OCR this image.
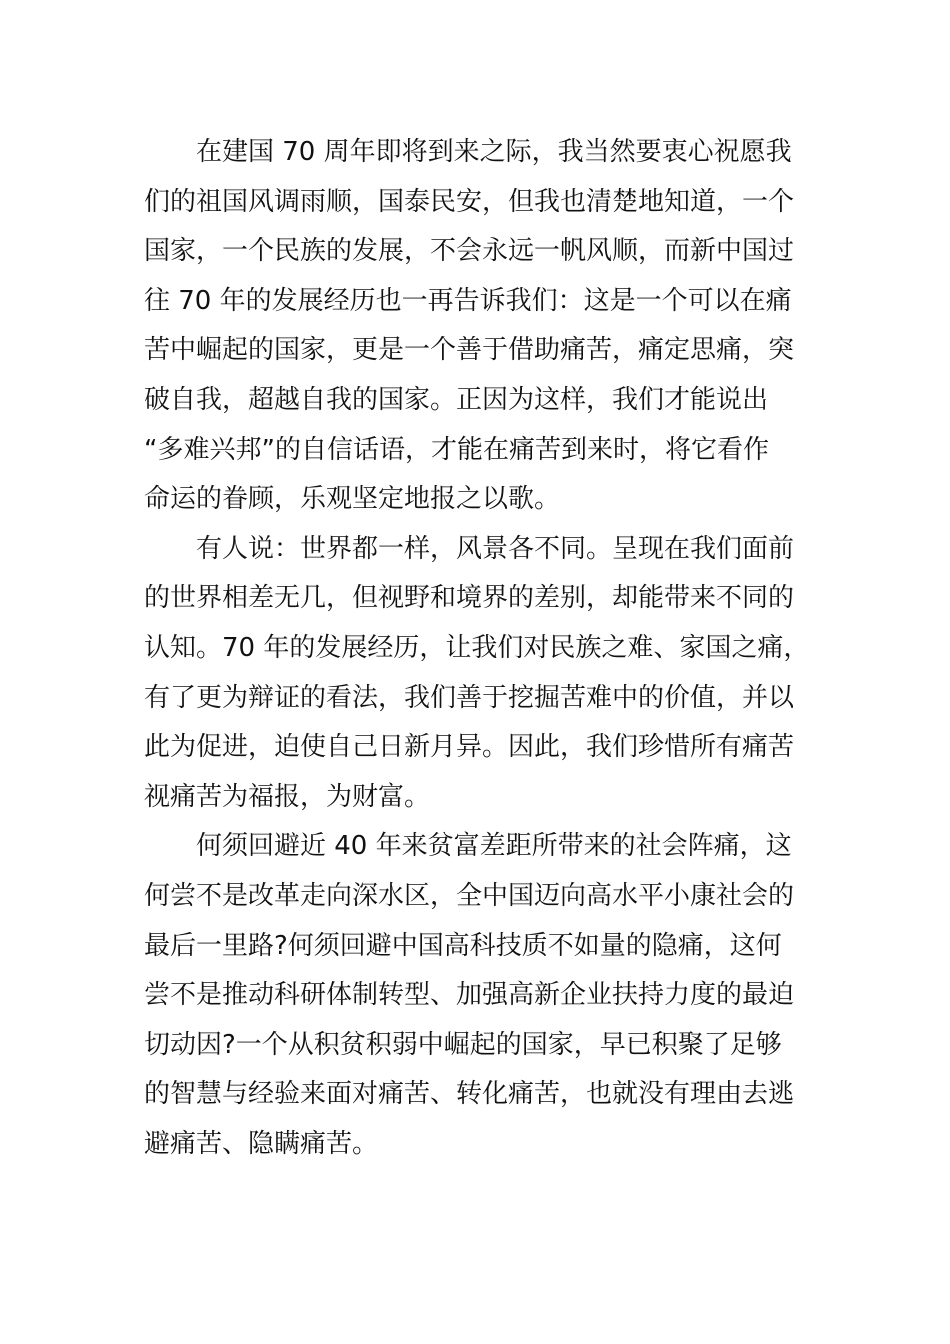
在建国 70 周年即将到来之际，我当然要衷心祝愿我
们的祖国风调雨顺，国泰民安，但我也清楚地知道，一个
国家，一个民族的发展，不会永远一帆风顺，而新中国过
往 70 年的发展经历也一再告诉我们：这是一个可以在痛
苦中崛起的国家，更是一个善于借助痛苦，痛定思痛，突
破自我，超越自我的国家。正因为这样，我们才能说出
“多难兴邦”的自信话语，才能在痛苦到来时，将它看作
命运的眷顾，乐观坚定地报之以歌。
有人说：世界都一样，风景各不同。呈现在我们面前
的世界相差无几，但视野和境界的差别，却能带来不同的
认知。70 年的发展经历，让我们对民族之难、家国之痛，
有了更为辩证的看法，我们善于挖掘苦难中的价值，并以
此为促进，迫使自己日新月异。因此，我们珍惜所有痛苦
视痛苦为福报，为财富。
何须回避近 40 年来贫富差距所带来的社会阵痛，这
何尝不是改革走向深水区，全中国迈向高水平小康社会的
最后一里路?何须回避中国高科技质不如量的隐痛，这何
尝不是推动科研体制转型、加强高新企业扶持力度的最迫
切动因?一个从积贫积弱中崛起的国家，早已积聚了足够
的智慧与经验来面对痛苦、转化痛苦，也就没有理由去逃
避痛苦、隐瞒痛苦。
